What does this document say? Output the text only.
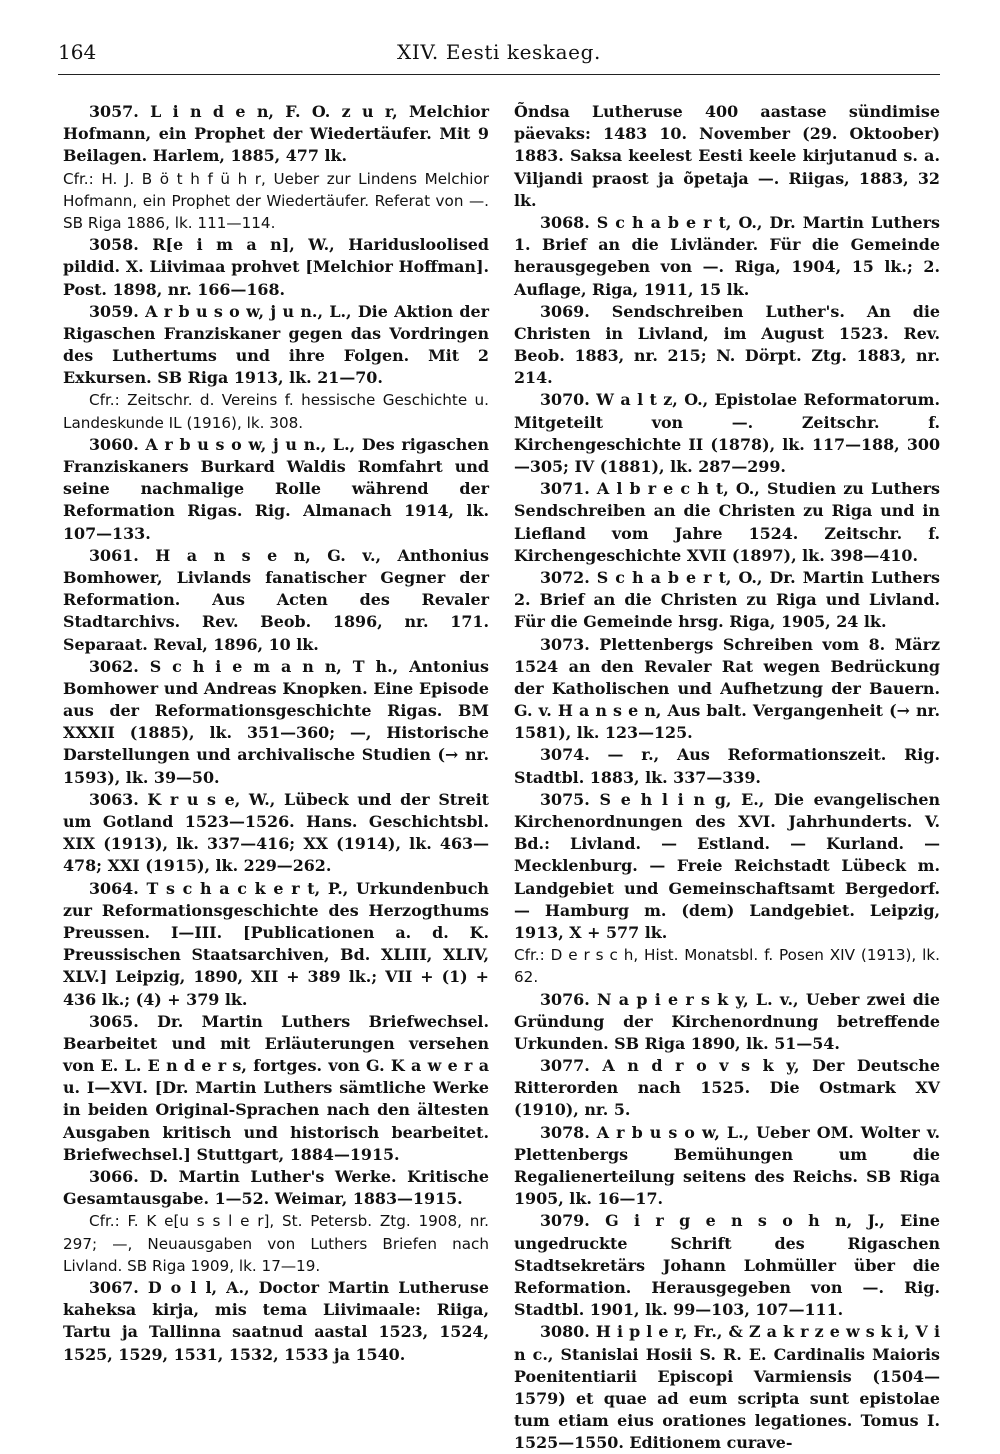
164	XIV. Eesti keskaeg.

3057. L i n d e n, F. O. z u r, Melchior Hofmann, ein Prophet der Wiedertäufer. Mit 9 Beilagen. Harlem, 1885, 477 lk.

Cfr.: H. J. B ö t h f ü h r, Ueber zur Lindens Melchior Hofmann, ein Prophet der Wiedertäufer. Referat von —. SB Riga 1886, lk. 111—114.

3058. R[e i m a n], W., Haridusloolised pildid. X. Liivimaa prohvet [Melchior Hoffman]. Post. 1898, nr. 166—168.

3059. A r b u s o w, j u n., L., Die Aktion der Rigaschen Franziskaner gegen das Vordringen des Luthertums und ihre Folgen. Mit 2 Exkursen. SB Riga 1913, lk. 21—70.

Cfr.: Zeitschr. d. Vereins f. hessische Geschichte u. Landeskunde IL (1916), lk. 308.

3060. A r b u s o w, j u n., L., Des rigaschen Franziskaners Burkard Waldis Romfahrt und seine nachmalige Rolle während der Reformation Rigas. Rig. Almanach 1914, lk. 107—133.

3061. H a n s e n, G. v., Anthonius Bomhower, Livlands fanatischer Gegner der Reformation. Aus Acten des Revaler Stadtarchivs. Rev. Beob. 1896, nr. 171. Separaat. Reval, 1896, 10 lk.

3062. S c h i e m a n n, T h., Antonius Bomhower und Andreas Knopken. Eine Episode aus der Reformationsgeschichte Rigas. BM XXXII (1885), lk. 351—360; —, Historische Darstellungen und archivalische Studien (→ nr. 1593), lk. 39—50.

3063. K r u s e, W., Lübeck und der Streit um Gotland 1523—1526. Hans. Geschichtsbl. XIX (1913), lk. 337—416; XX (1914), lk. 463—478; XXI (1915), lk. 229—262.

3064. T s c h a c k e r t, P., Urkundenbuch zur Reformationsgeschichte des Herzogthums Preussen. I—III. [Publicationen a. d. K. Preussischen Staatsarchiven, Bd. XLIII, XLIV, XLV.] Leipzig, 1890, XII + 389 lk.; VII + (1) + 436 lk.; (4) + 379 lk.

3065. Dr. Martin Luthers Briefwechsel. Bearbeitet und mit Erläuterungen versehen von E. L. E n d e r s, fortges. von G. K a w e r a u. I—XVI. [Dr. Martin Luthers sämtliche Werke in beiden Original-Sprachen nach den ältesten Ausgaben kritisch und historisch bearbeitet. Briefwechsel.] Stuttgart, 1884—1915.

3066. D. Martin Luther's Werke. Kritische Gesamtausgabe. 1—52. Weimar, 1883—1915.

Cfr.: F. K e[u s s l e r], St. Petersb. Ztg. 1908, nr. 297; —, Neuausgaben von Luthers Briefen nach Livland. SB Riga 1909, lk. 17—19.

3067. D o l l, A., Doctor Martin Lutheruse kaheksa kirja, mis tema Liivimaale: Riiga, Tartu ja Tallinna saatnud aastal 1523, 1524, 1525, 1529, 1531, 1532, 1533 ja 1540.

Õndsa Lutheruse 400 aastase sündimise päevaks: 1483 10. November (29. Oktoober) 1883. Saksa keelest Eesti keele kirjutanud s. a. Viljandi praost ja õpetaja —. Riigas, 1883, 32 lk.

3068. S c h a b e r t, O., Dr. Martin Luthers 1. Brief an die Livländer. Für die Gemeinde herausgegeben von —. Riga, 1904, 15 lk.; 2. Auflage, Riga, 1911, 15 lk.

3069. Sendschreiben Luther's. An die Christen in Livland, im August 1523. Rev. Beob. 1883, nr. 215; N. Dörpt. Ztg. 1883, nr. 214.

3070. W a l t z, O., Epistolae Reformatorum. Mitgeteilt von —. Zeitschr. f. Kirchengeschichte II (1878), lk. 117—188, 300—305; IV (1881), lk. 287—299.

3071. A l b r e c h t, O., Studien zu Luthers Sendschreiben an die Christen zu Riga und in Liefland vom Jahre 1524. Zeitschr. f. Kirchengeschichte XVII (1897), lk. 398—410.

3072. S c h a b e r t, O., Dr. Martin Luthers 2. Brief an die Christen zu Riga und Livland. Für die Gemeinde hrsg. Riga, 1905, 24 lk.

3073. Plettenbergs Schreiben vom 8. März 1524 an den Revaler Rat wegen Bedrückung der Katholischen und Aufhetzung der Bauern. G. v. H a n s e n, Aus balt. Vergangenheit (→ nr. 1581), lk. 123—125.

3074. — r., Aus Reformationszeit. Rig. Stadtbl. 1883, lk. 337—339.

3075. S e h l i n g, E., Die evangelischen Kirchenordnungen des XVI. Jahrhunderts. V. Bd.: Livland. — Estland. — Kurland. — Mecklenburg. — Freie Reichstadt Lübeck m. Landgebiet und Gemeinschaftsamt Bergedorf. — Hamburg m. (dem) Landgebiet. Leipzig, 1913, X + 577 lk.

Cfr.: D e r s c h, Hist. Monatsbl. f. Posen XIV (1913), lk. 62.

3076. N a p i e r s k y, L. v., Ueber zwei die Gründung der Kirchenordnung betreffende Urkunden. SB Riga 1890, lk. 51—54.

3077. A n d r o v s k y, Der Deutsche Ritterorden nach 1525. Die Ostmark XV (1910), nr. 5.

3078. A r b u s o w, L., Ueber OM. Wolter v. Plettenbergs Bemühungen um die Regalienerteilung seitens des Reichs. SB Riga 1905, lk. 16—17.

3079. G i r g e n s o h n, J., Eine ungedruckte Schrift des Rigaschen Stadtsekretärs Johann Lohmüller über die Reformation. Herausgegeben von —. Rig. Stadtbl. 1901, lk. 99—103, 107—111.

3080. H i p l e r, Fr., & Z a k r z e w s k i, V i n c., Stanislai Hosii S. R. E. Cardinalis Maioris Poenitentiarii Episcopi Varmiensis (1504—1579) et quae ad eum scripta sunt epistolae tum etiam eius orationes legationes. Tomus I. 1525—1550. Editionem curave-
